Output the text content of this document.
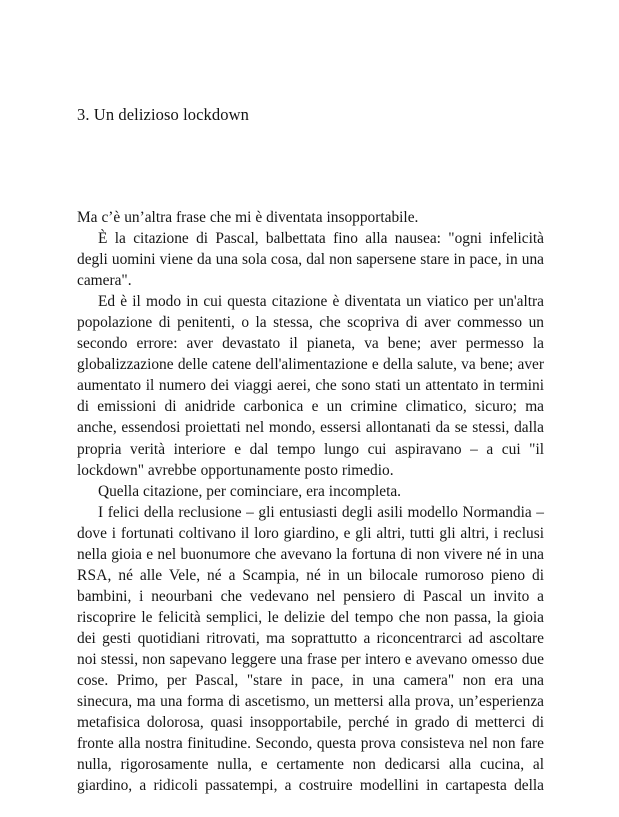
3. Un delizioso lockdown

Ma c’è un’altra frase che mi è diventata insopportabile.

È la citazione di Pascal, balbettata fino alla nausea: "ogni infelicità degli uomini viene da una sola cosa, dal non sapersene stare in pace, in una camera".

Ed è il modo in cui questa citazione è diventata un viatico per un'altra popolazione di penitenti, o la stessa, che scopriva di aver commesso un secondo errore: aver devastato il pianeta, va bene; aver permesso la globalizzazione delle catene dell'alimentazione e della salute, va bene; aver aumentato il numero dei viaggi aerei, che sono stati un attentato in termini di emissioni di anidride carbonica e un crimine climatico, sicuro; ma anche, essendosi proiettati nel mondo, essersi allontanati da se stessi, dalla propria verità interiore e dal tempo lungo cui aspiravano – a cui "il lockdown" avrebbe opportunamente posto rimedio.

Quella citazione, per cominciare, era incompleta.

I felici della reclusione – gli entusiasti degli asili modello Normandia – dove i fortunati coltivano il loro giardino, e gli altri, tutti gli altri, i reclusi nella gioia e nel buonumore che avevano la fortuna di non vivere né in una RSA, né alle Vele, né a Scampia, né in un bilocale rumoroso pieno di bambini, i neourbani che vedevano nel pensiero di Pascal un invito a riscoprire le felicità semplici, le delizie del tempo che non passa, la gioia dei gesti quotidiani ritrovati, ma soprattutto a riconcentrarci ad ascoltare noi stessi, non sapevano leggere una frase per intero e avevano omesso due cose. Primo, per Pascal, "stare in pace, in una camera" non era una sinecura, ma una forma di ascetismo, un mettersi alla prova, un’esperienza metafisica dolorosa, quasi insopportabile, perché in grado di metterci di fronte alla nostra finitudine. Secondo, questa prova consisteva nel non fare nulla, rigorosamente nulla, e certamente non dedicarsi alla cucina, al giardino, a ridicoli passatempi, a costruire modellini in cartapesta della
